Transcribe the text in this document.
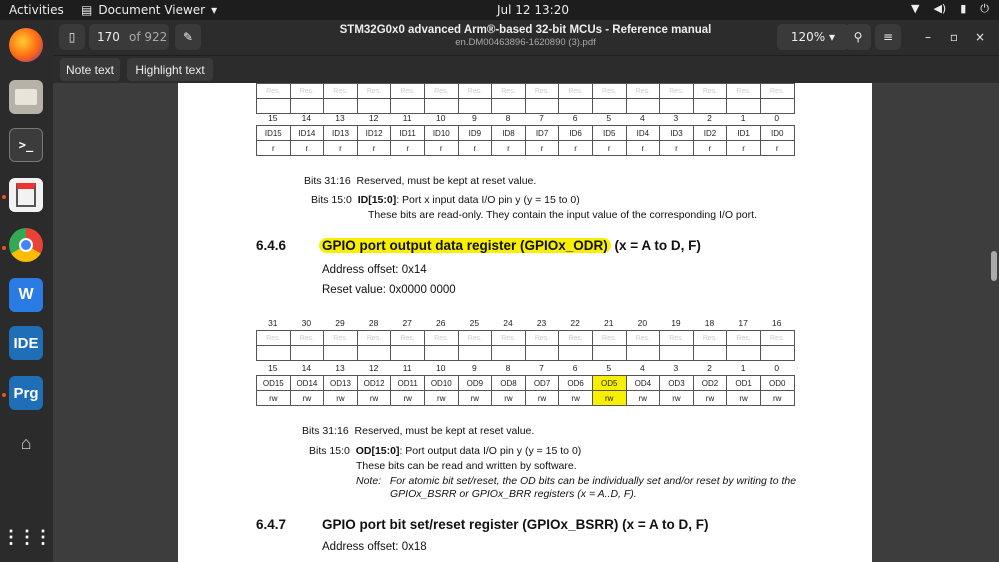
Activities ▤ Document Viewer ▾	Jul 12 13:20	▼ ◀) ▮ ⏻
>_
W
IDE
Prg
⌂
⋮⋮⋮
▯ 170 of 922 ✎	STM32G0x0 advanced Arm®-based 32-bit MCUs - Reference manual
en.DM00463896-1620890 (3).pdf	120%
▾ ⚲ ≡	– ▫ ×
Note text	Highlight text
Res.	Res.	Res.	Res.	Res.	Res.	Res.	Res.	Res.	Res.	Res.	Res.	Res.	Res.	Res.	Res.

15	14	13	12	11	10	9	8	7	6	5	4	3	2	1	0
ID15	ID14	ID13	ID12	ID11	ID10	ID9	ID8	ID7	ID6	ID5	ID4	ID3	ID2	ID1	ID0
r	r	r	r	r	r	r	r	r	r	r	r	r	r	r	r
Bits 31:16 Reserved, must be kept at reset value.
Bits 15:0 ID[15:0]: Port x input data I/O pin y (y = 15 to 0)
These bits are read-only. They contain the input value of the corresponding I/O port.
6.4.6	GPIO port output data register (GPIOx_ODR) (x = A to D, F)
Address offset: 0x14
Reset value: 0x0000 0000
31	30	29	28	27	26	25	24	23	22	21	20	19	18	17	16
Res.	Res.	Res.	Res.	Res.	Res.	Res.	Res.	Res.	Res.	Res.	Res.	Res.	Res.	Res.	Res.

15	14	13	12	11	10	9	8	7	6	5	4	3	2	1	0
OD15	OD14	OD13	OD12	OD11	OD10	OD9	OD8	OD7	OD6	OD5	OD4	OD3	OD2	OD1	OD0
rw	rw	rw	rw	rw	rw	rw	rw	rw	rw	rw	rw	rw	rw	rw	rw
Bits 31:16 Reserved, must be kept at reset value.
Bits 15:0 OD[15:0]: Port output data I/O pin y (y = 15 to 0)
These bits can be read and written by software.
Note: For atomic bit set/reset, the OD bits can be individually set and/or reset by writing to the
GPIOx_BSRR or GPIOx_BRR registers (x = A..D, F).
6.4.7	GPIO port bit set/reset register (GPIOx_BSRR) (x = A to D, F)
Address offset: 0x18
